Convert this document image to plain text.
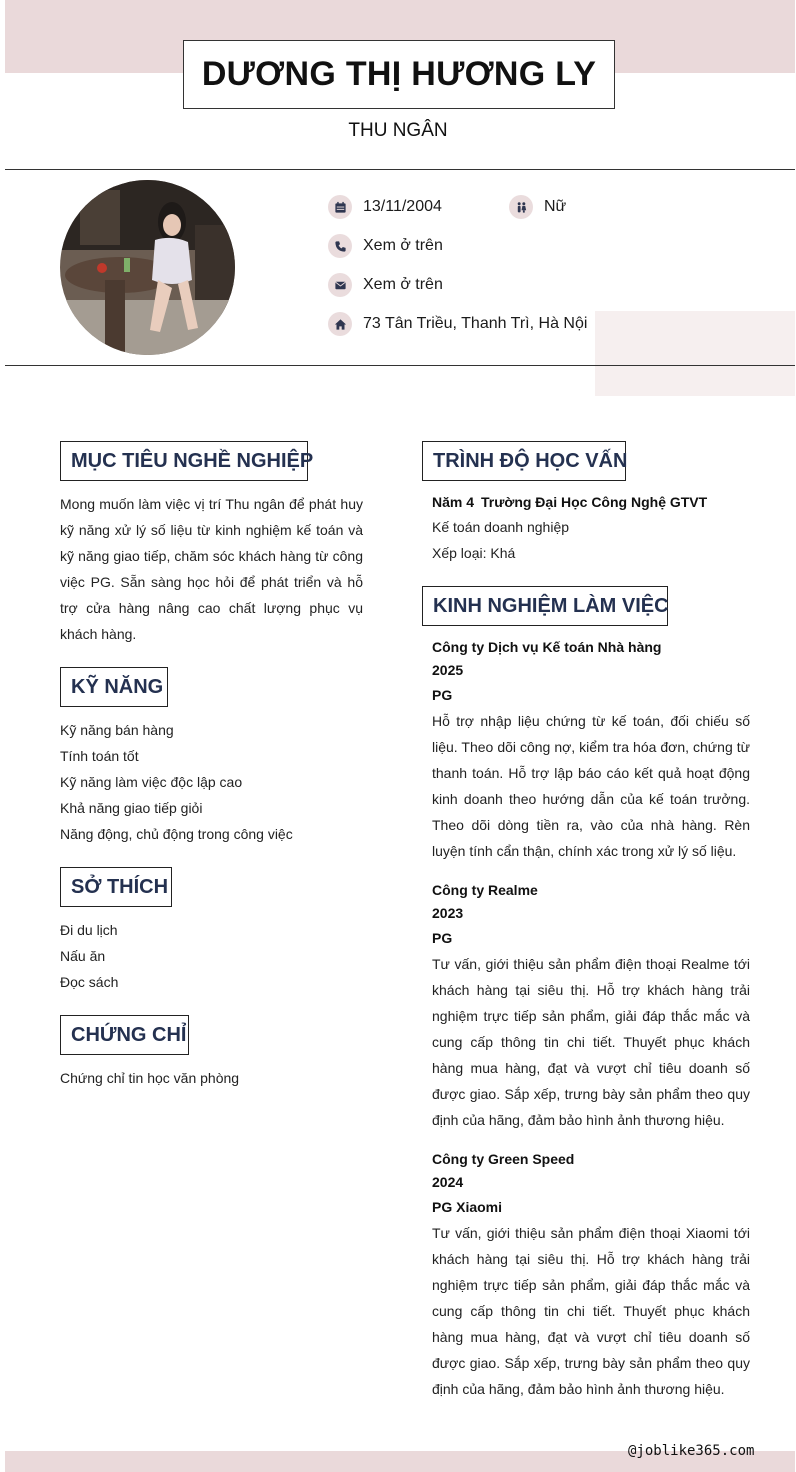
DƯƠNG THỊ HƯƠNG LY
THU NGÂN
13/11/2004	Nữ
Xem ở trên
Xem ở trên
73 Tân Triều, Thanh Trì, Hà Nội
MỤC TIÊU NGHỀ NGHIỆP
Mong muốn làm việc vị trí Thu ngân để phát huy kỹ năng xử lý số liệu từ kinh nghiệm kế toán và kỹ năng giao tiếp, chăm sóc khách hàng từ công việc PG. Sẵn sàng học hỏi để phát triển và hỗ trợ cửa hàng nâng cao chất lượng phục vụ khách hàng.
KỸ NĂNG
Kỹ năng bán hàng
Tính toán tốt
Kỹ năng làm việc độc lập cao
Khả năng giao tiếp giỏi
Năng động, chủ động trong công việc
SỞ THÍCH
Đi du lịch
Nấu ăn
Đọc sách
CHỨNG CHỈ
Chứng chỉ tin học văn phòng
TRÌNH ĐỘ HỌC VẤN
Năm 4 Trường Đại Học Công Nghệ GTVT
Kế toán doanh nghiệp
Xếp loại: Khá
KINH NGHIỆM LÀM VIỆC
Công ty Dịch vụ Kế toán Nhà hàng
2025
PG
Hỗ trợ nhập liệu chứng từ kế toán, đối chiếu số liệu. Theo dõi công nợ, kiểm tra hóa đơn, chứng từ thanh toán. Hỗ trợ lập báo cáo kết quả hoạt động kinh doanh theo hướng dẫn của kế toán trưởng. Theo dõi dòng tiền ra, vào của nhà hàng. Rèn luyện tính cẩn thận, chính xác trong xử lý số liệu.
Công ty Realme
2023
PG
Tư vấn, giới thiệu sản phẩm điện thoại Realme tới khách hàng tại siêu thị. Hỗ trợ khách hàng trải nghiệm trực tiếp sản phẩm, giải đáp thắc mắc và cung cấp thông tin chi tiết. Thuyết phục khách hàng mua hàng, đạt và vượt chỉ tiêu doanh số được giao. Sắp xếp, trưng bày sản phẩm theo quy định của hãng, đảm bảo hình ảnh thương hiệu.
Công ty Green Speed
2024
PG Xiaomi
Tư vấn, giới thiệu sản phẩm điện thoại Xiaomi tới khách hàng tại siêu thị. Hỗ trợ khách hàng trải nghiệm trực tiếp sản phẩm, giải đáp thắc mắc và cung cấp thông tin chi tiết. Thuyết phục khách hàng mua hàng, đạt và vượt chỉ tiêu doanh số được giao. Sắp xếp, trưng bày sản phẩm theo quy định của hãng, đảm bảo hình ảnh thương hiệu.
@joblike365.com
